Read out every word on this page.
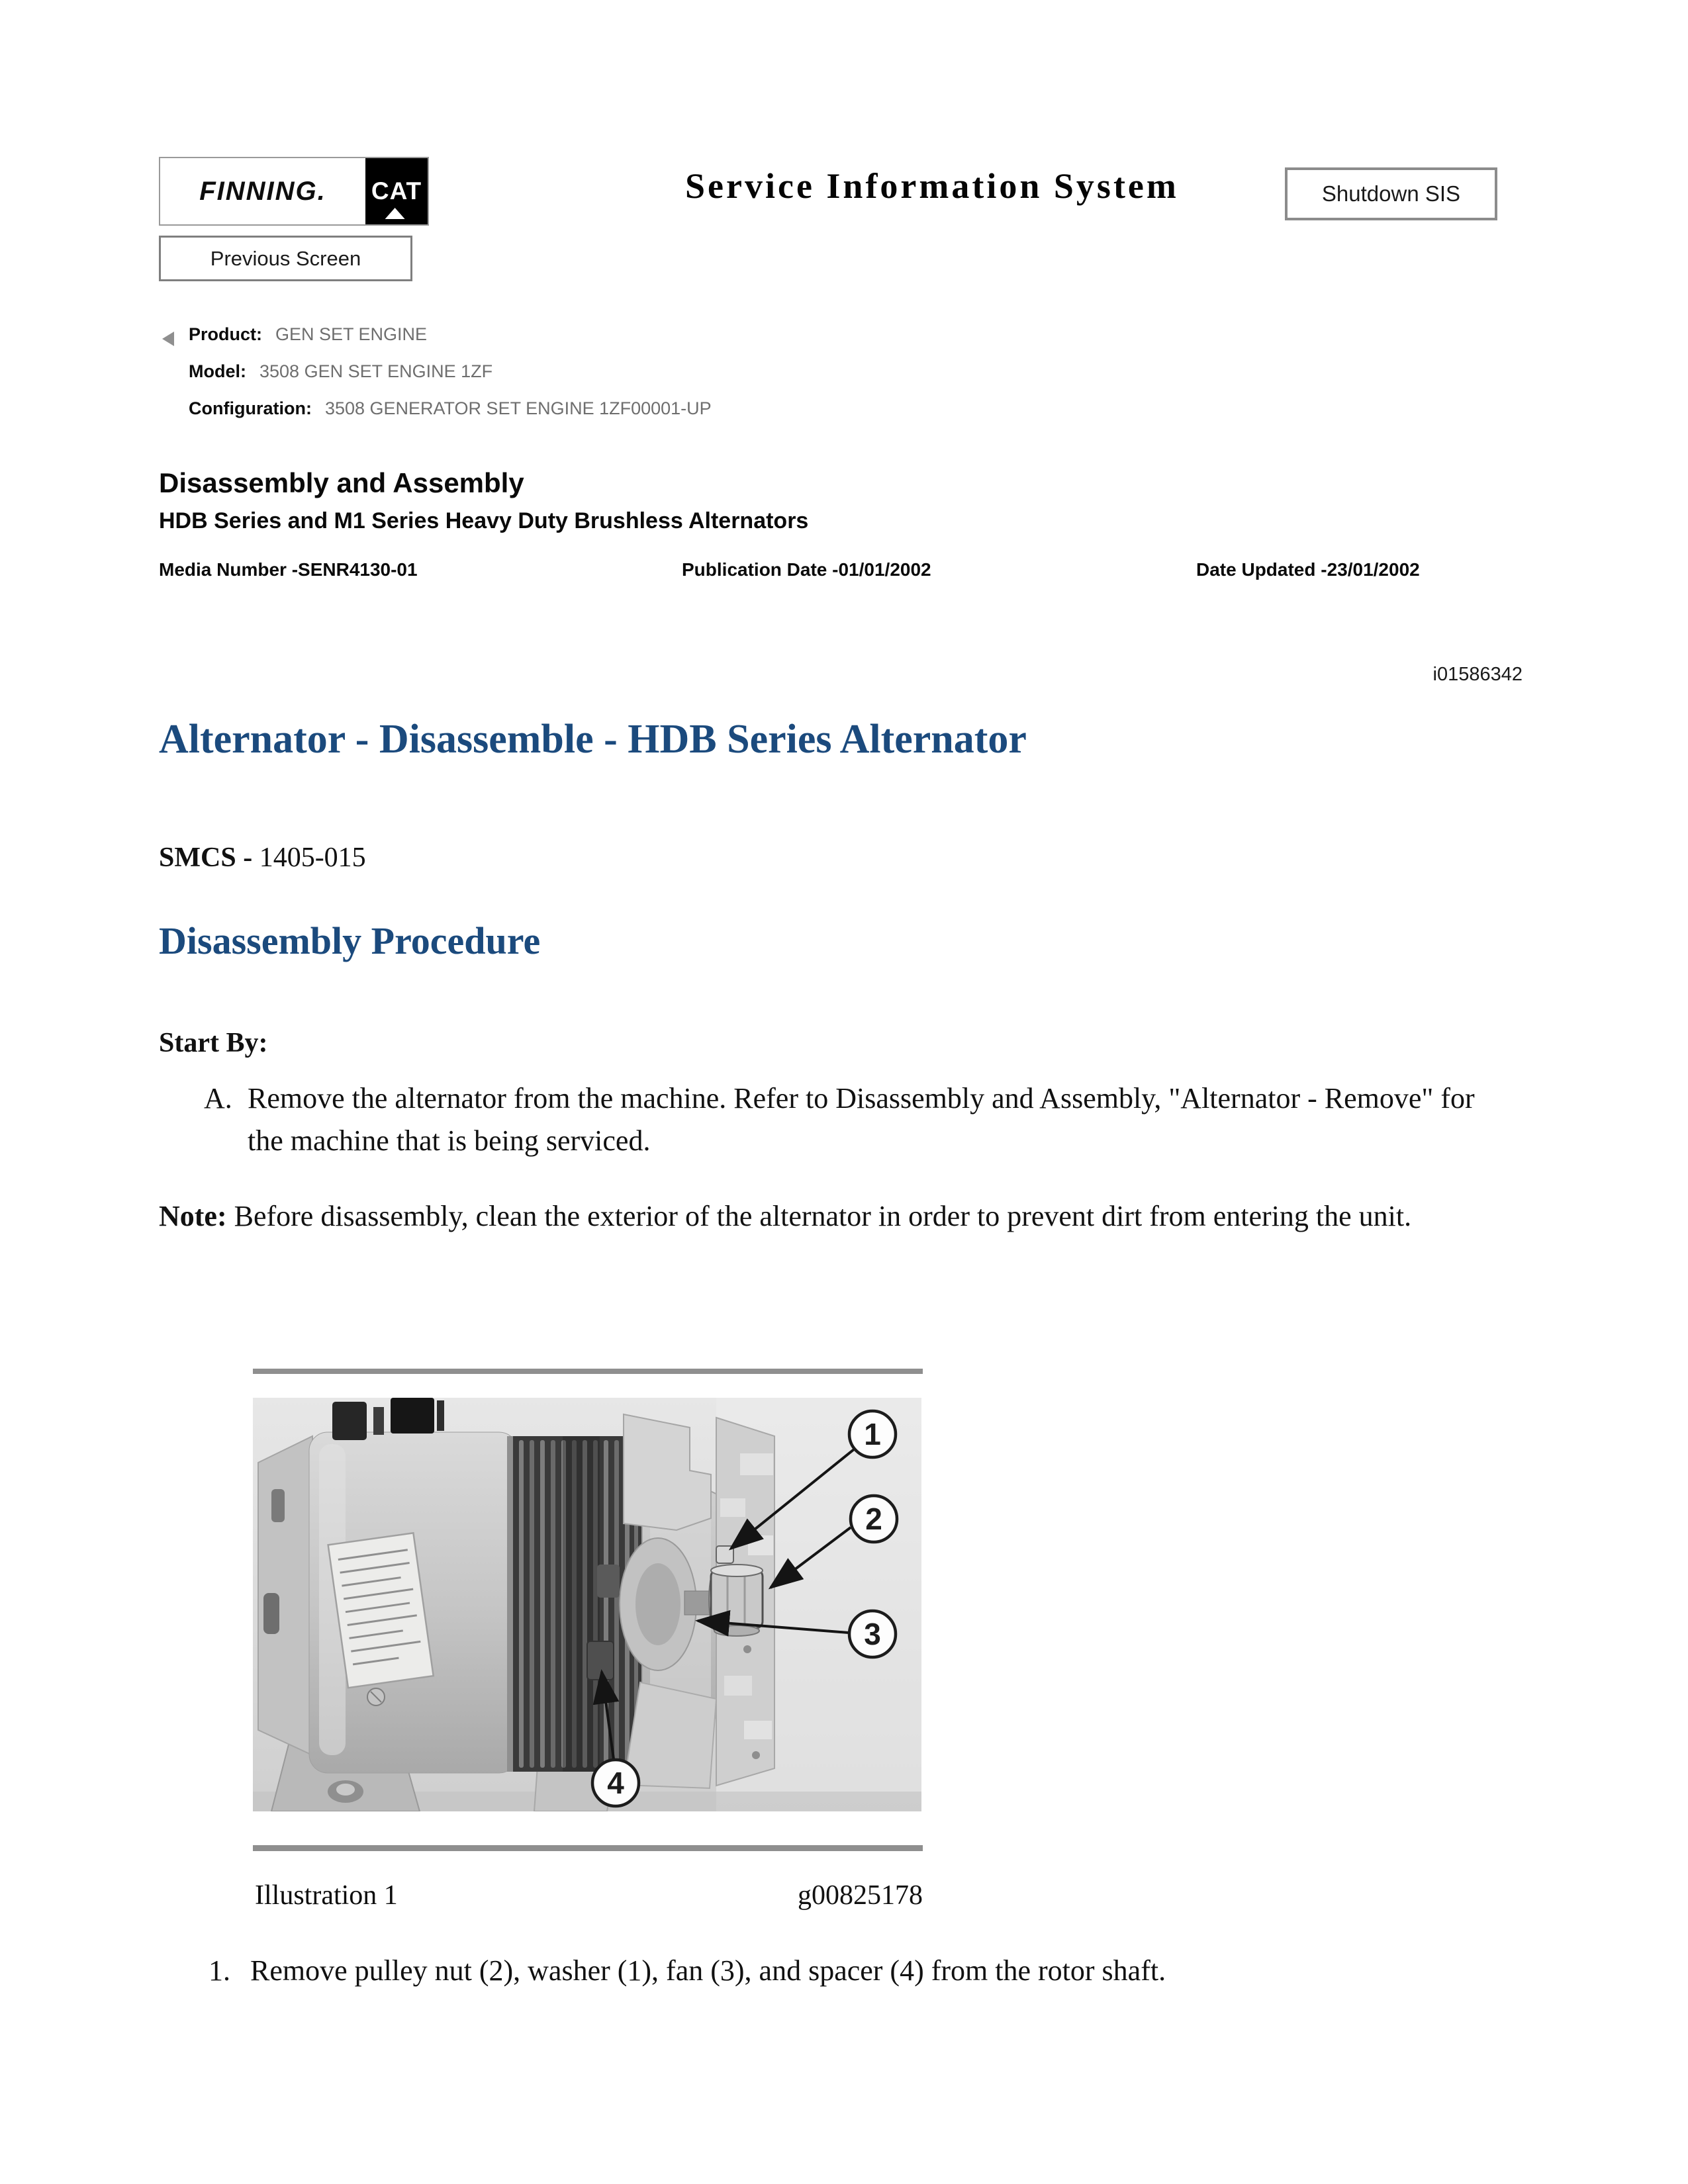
FINNING.	CAT	Service Information System	Shutdown SIS
Previous Screen
Product: GEN SET ENGINE
Model: 3508 GEN SET ENGINE 1ZF
Configuration: 3508 GENERATOR SET ENGINE 1ZF00001-UP
Disassembly and Assembly
HDB Series and M1 Series Heavy Duty Brushless Alternators
Media Number -SENR4130-01	Publication Date -01/01/2002	Date Updated -23/01/2002
i01586342
Alternator - Disassemble - HDB Series Alternator
SMCS - 1405-015
Disassembly Procedure
Start By:
A. Remove the alternator from the machine. Refer to Disassembly and Assembly, "Alternator - Remove" for the machine that is being serviced.
Note: Before disassembly, clean the exterior of the alternator in order to prevent dirt from entering the unit.
1
2
3
4
Illustration 1	g00825178
1. Remove pulley nut (2), washer (1), fan (3), and spacer (4) from the rotor shaft.
